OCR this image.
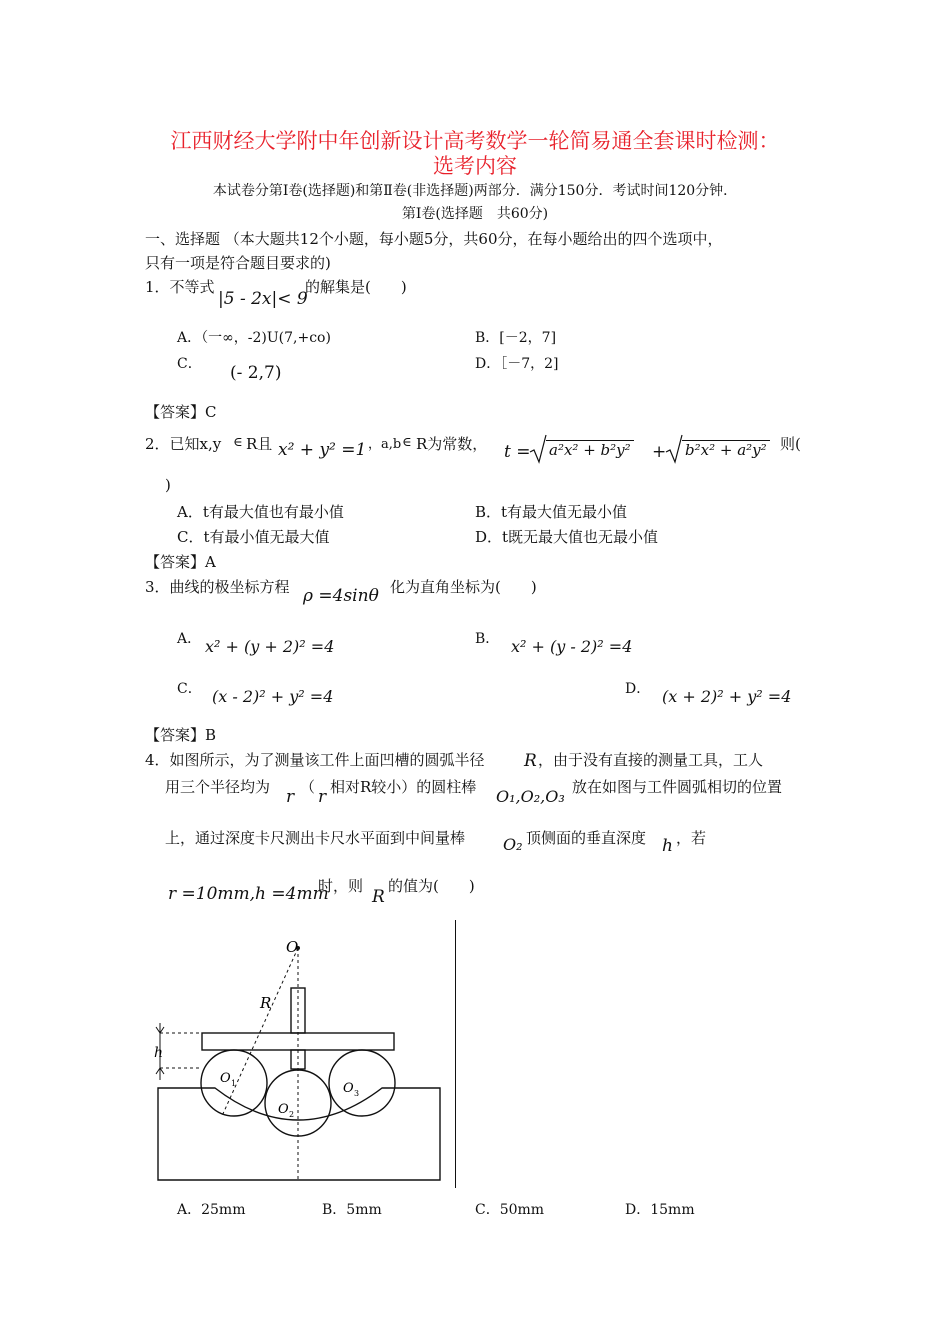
江西财经大学附中年创新设计高考数学一轮简易通全套课时检测：
选考内容
本试卷分第Ⅰ卷(选择题)和第Ⅱ卷(非选择题)两部分．满分150分．考试时间120分钟．
第Ⅰ卷(选择题　共60分)
一、选择题 （本大题共12个小题，每小题5分，共60分，在每小题给出的四个选项中，
只有一项是符合题目要求的)
1．不等式
|5 - 2x|< 9
的解集是(　　)
A．（一∞，-2)U(7,+co)	B．[－2，7]
C． (- 2,7)	D．［－7，2]
【答案】C
2．已知x,y ∈ R且 x² + y² =1 ，a,b ∈ R为常数， t = a²x² + b²y² + b²x² + a²y² 则(
)
A．t有最大值也有最小值	B．t有最大值无最小值
C．t有最小值无最大值	D．t既无最大值也无最小值
【答案】A
3．曲线的极坐标方程 ρ =4sinθ 化为直角坐标为(　　)
A． x² + (y + 2)² =4	B． x² + (y - 2)² =4
C． (x - 2)² + y² =4	D． (x + 2)² + y² =4
【答案】B
4．如图所示，为了测量该工件上面凹槽的圆弧半径 R ，由于没有直接的测量工具，工人
用三个半径均为 r （ r 相对R较小）的圆柱棒 O₁,O₂,O₃ 放在如图与工件圆弧相切的位置
上，通过深度卡尺测出卡尺水平面到中间量棒 O₂ 顶侧面的垂直深度 h ，若
r =10mm,h =4mm
时，则
R
的值为(　　)
O
R
h
O 1
O 2
O 3
A．25mm	B．5mm	C．50mm	D．15mm
